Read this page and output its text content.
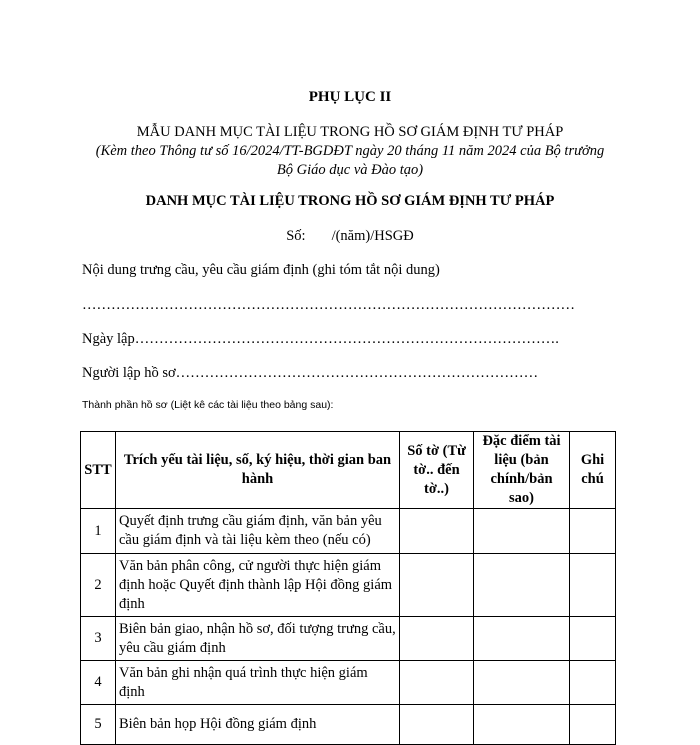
PHỤ LỤC II
MẪU DANH MỤC TÀI LIỆU TRONG HỒ SƠ GIÁM ĐỊNH TƯ PHÁP
(Kèm theo Thông tư số 16/2024/TT-BGDĐT ngày 20 tháng 11 năm 2024 của Bộ trưởng
Bộ Giáo dục và Đào tạo)
DANH MỤC TÀI LIỆU TRONG HỒ SƠ GIÁM ĐỊNH TƯ PHÁP
Số: /(năm)/HSGĐ
Nội dung trưng cầu, yêu cầu giám định (ghi tóm tắt nội dung)
…………………………………………………………………………………………
Ngày lập…………………………………………………………………………….
Người lập hồ sơ…………………………………………………………………
Thành phần hồ sơ (Liệt kê các tài liệu theo bảng sau):
STT	Trích yếu tài liệu, số, ký hiệu, thời gian ban hành	Số tờ (Từ tờ.. đến tờ..)	Đặc điểm tài liệu (bản chính/bản sao)	Ghi chú
1	Quyết định trưng cầu giám định, văn bản yêu cầu giám định và tài liệu kèm theo (nếu có)			
2	Văn bản phân công, cử người thực hiện giám định hoặc Quyết định thành lập Hội đồng giám định			
3	Biên bản giao, nhận hồ sơ, đối tượng trưng cầu, yêu cầu giám định			
4	Văn bản ghi nhận quá trình thực hiện giám định			
5	Biên bản họp Hội đồng giám định			
